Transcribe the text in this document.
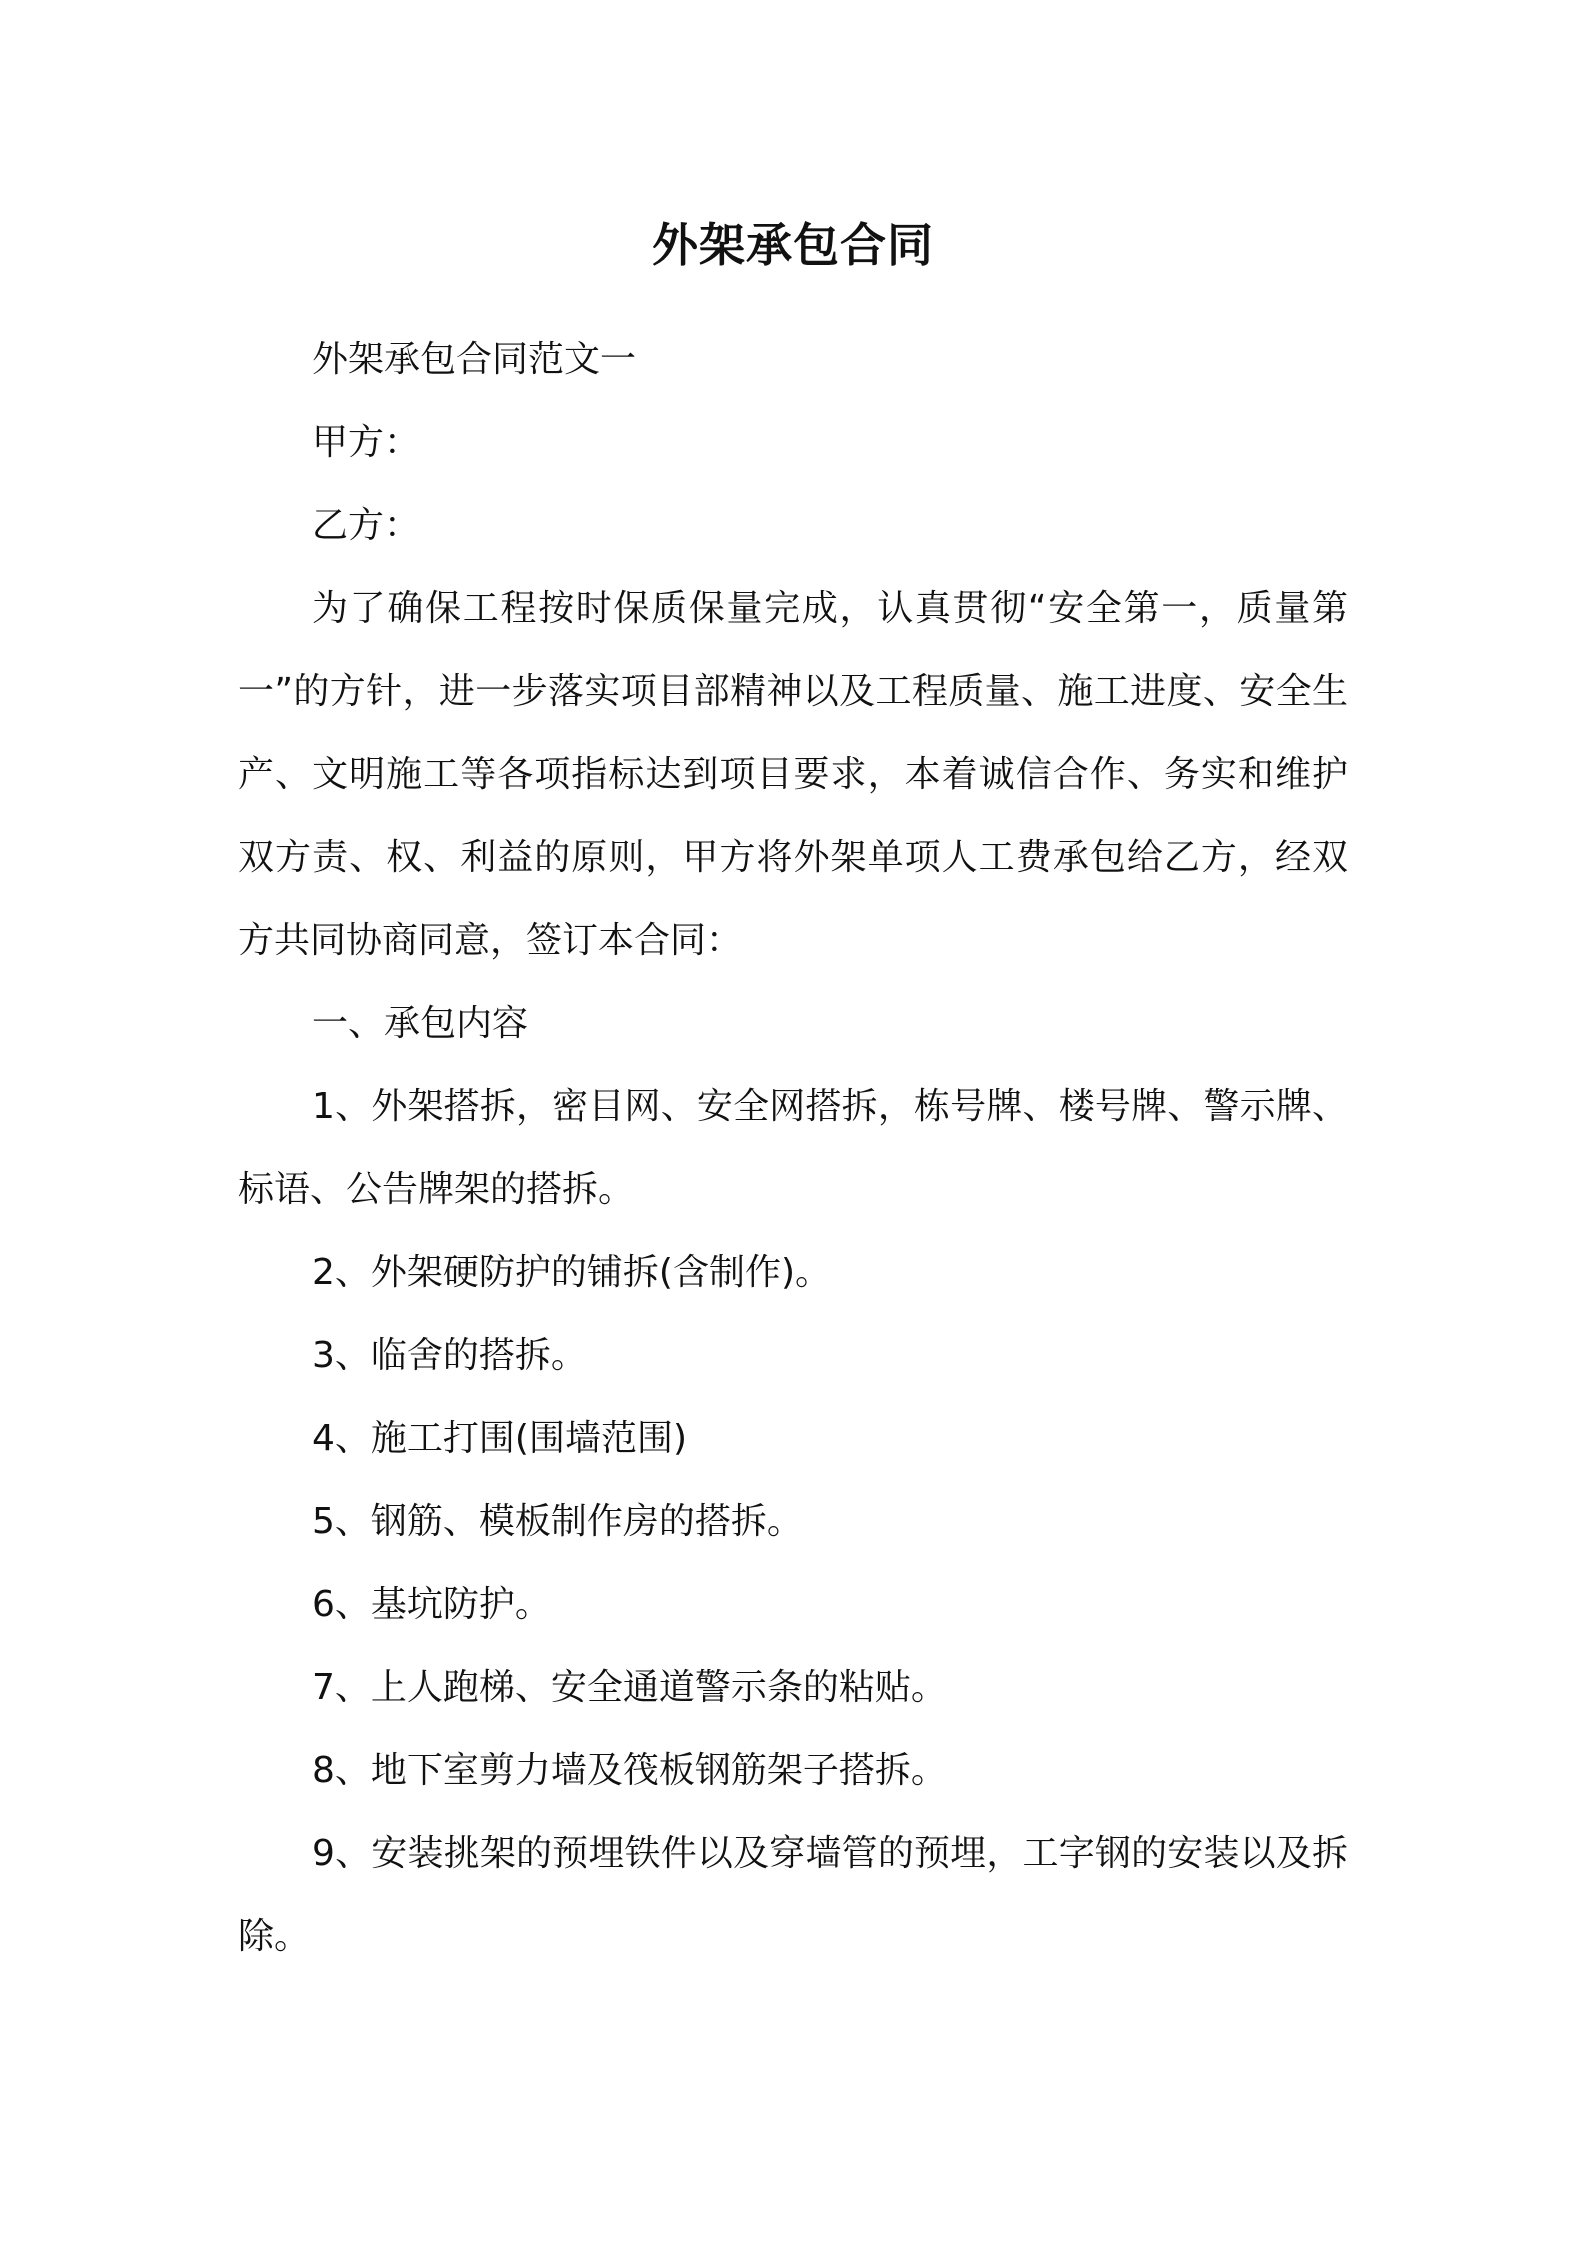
外架承包合同

外架承包合同范文一

甲方：

乙方：

为了确保工程按时保质保量完成，认真贯彻“安全第一，质量第一”的方针，进一步落实项目部精神以及工程质量、施工进度、安全生产、文明施工等各项指标达到项目要求，本着诚信合作、务实和维护双方责、权、利益的原则，甲方将外架单项人工费承包给乙方，经双方共同协商同意，签订本合同：

一、承包内容

1、外架搭拆，密目网、安全网搭拆，栋号牌、楼号牌、警示牌、标语、公告牌架的搭拆。

2、外架硬防护的铺拆(含制作)。

3、临舍的搭拆。

4、施工打围(围墙范围)

5、钢筋、模板制作房的搭拆。

6、基坑防护。

7、上人跑梯、安全通道警示条的粘贴。

8、地下室剪力墙及筏板钢筋架子搭拆。

9、安装挑架的预埋铁件以及穿墙管的预埋，工字钢的安装以及拆除。
